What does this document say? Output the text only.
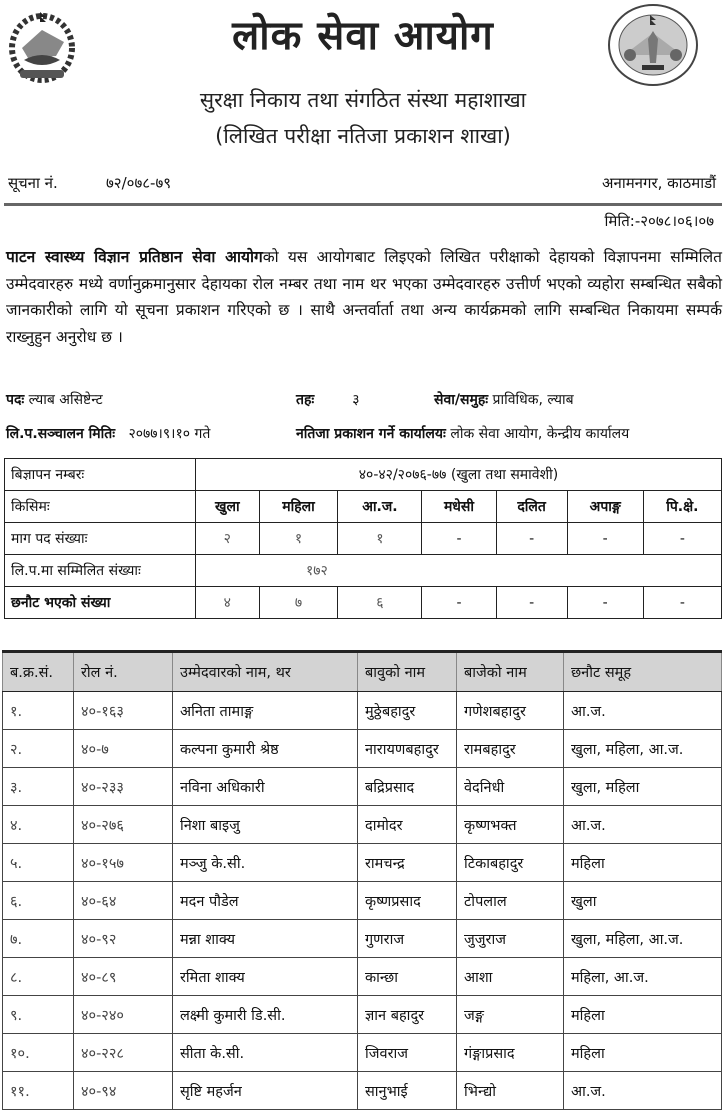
लोक सेवा आयोग
सुरक्षा निकाय तथा संगठित संस्था महाशाखा
(लिखित परीक्षा नतिजा प्रकाशन शाखा)
सूचना नं.	७२/०७८-७९	अनामनगर, काठमाडौं
मिति:-२०७८।०६।०७
पाटन स्वास्थ्य विज्ञान प्रतिष्ठान सेवा आयोगको यस आयोगबाट लिइएको लिखित परीक्षाको देहायको विज्ञापनमा सम्मिलित उम्मेदवारहरु मध्ये वर्णानुक्रमानुसार देहायका रोल नम्बर तथा नाम थर भएका उम्मेदवारहरु उत्तीर्ण भएको व्यहोरा सम्बन्धित सबैको जानकारीको लागि यो सूचना प्रकाशन गरिएको छ । साथै अन्तर्वार्ता तथा अन्य कार्यक्रमको लागि सम्बन्धित निकायमा सम्पर्क राख्नुहुन अनुरोध छ ।
पदः ल्याब असिष्टेन्ट	तहः	३	सेवा/समुहः प्राविधिक, ल्याब
लि.प.सञ्चालन मितिः २०७७।९।१० गते	नतिजा प्रकाशन गर्ने कार्यालयः लोक सेवा आयोग, केन्द्रीय कार्यालय
बिज्ञापन नम्बरः	४०-४२/२०७६-७७ (खुला तथा समावेशी)						
किसिमः	खुला	महिला	आ.ज.	मधेसी	दलित	अपाङ्ग	पि.क्षे.
माग पद संख्याः	२	१	१	-	-	-	-
लि.प.मा सम्मिलित संख्याः	१७२						
छनौट भएको संख्या	४	७	६	-	-	-	-
ब.क्र.सं.	रोल नं.	उम्मेदवारको नाम, थर	बावुको नाम	बाजेको नाम	छनौट समूह
१.	४०-१६३	अनिता तामाङ्ग	मुठ्ठेबहादुर	गणेशबहादुर	आ.ज.
२.	४०-७	कल्पना कुमारी श्रेष्ठ	नारायणबहादुर	रामबहादुर	खुला, महिला, आ.ज.
३.	४०-२३३	नविना अधिकारी	बद्रिप्रसाद	वेदनिधी	खुला, महिला
४.	४०-२७६	निशा बाइजु	दामोदर	कृष्णभक्त	आ.ज.
५.	४०-१५७	मञ्जु के.सी.	रामचन्द्र	टिकाबहादुर	महिला
६.	४०-६४	मदन पौडेल	कृष्णप्रसाद	टोपलाल	खुला
७.	४०-९२	मन्ना शाक्य	गुणराज	जुजुराज	खुला, महिला, आ.ज.
८.	४०-८९	रमिता शाक्य	कान्छा	आशा	महिला, आ.ज.
९.	४०-२४०	लक्ष्मी कुमारी डि.सी.	ज्ञान बहादुर	जङ्ग	महिला
१०.	४०-२२८	सीता के.सी.	जिवराज	गंङ्गाप्रसाद	महिला
११.	४०-९४	सृष्टि महर्जन	सानुभाई	भिन्द्यो	आ.ज.
